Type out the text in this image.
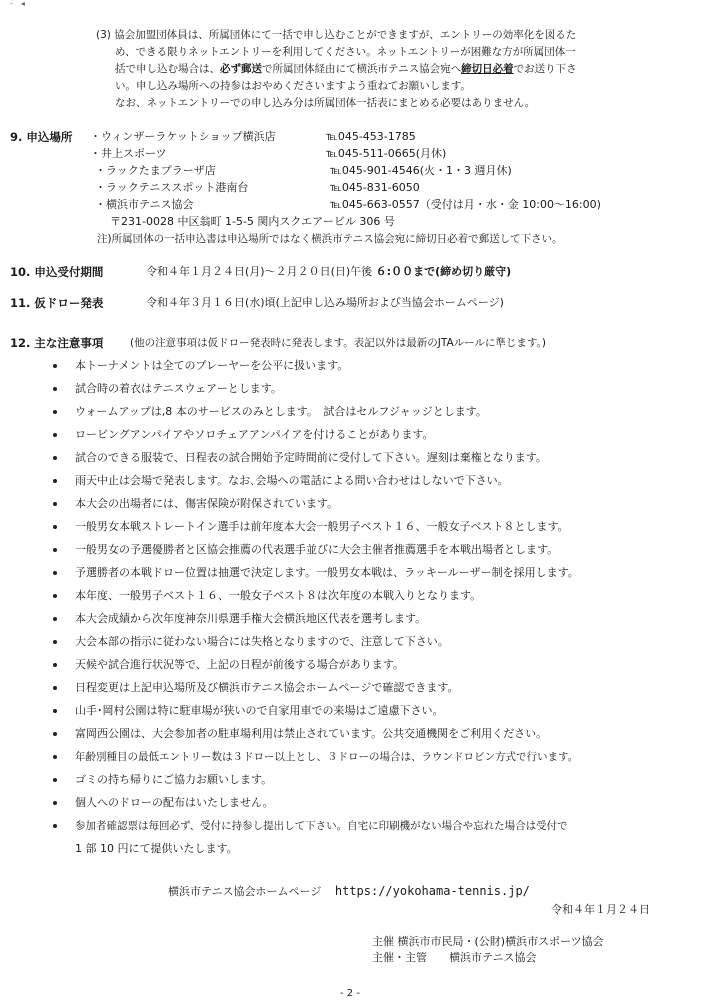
-　◂
(3) 協会加盟団体員は、所属団体にて一括で申し込むことができますが、エントリーの効率化を図るた
め、できる限りネットエントリーを利用してください。ネットエントリーが困難な方が所属団体一
括で申し込む場合は、必ず郵送で所属団体経由にて横浜市テニス協会宛へ締切日必着でお送り下さ
い。申し込み場所への持参はおやめくださいますよう重ねてお願いします。
なお、ネットエントリーでの申し込み分は所属団体一括表にまとめる必要はありません。
9. 申込場所 ・ウィンザーラケットショップ横浜店	℡045-453-1785
・井上スポーツ	℡045-511-0665(月休)
・ラックたまプラーザ店	℡045-901-4546(火・1・3 週月休)
・ラックテニススポット港南台	℡045-831-6050
・横浜市テニス協会	℡045-663-0557（受付は月・水・金 10:00～16:00)
〒231-0028 中区翁町 1-5-5 関内スクエアービル 306 号
注)所属団体の一括申込書は申込場所ではなく横浜市テニス協会宛に締切日必着で郵送して下さい。
10. 申込受付期間	令和４年１月２４日(月)～２月２０日(日)午後 ６:００まで(締め切り厳守)
11. 仮ドロー発表	令和４年３月１６日(水)頃(上記申し込み場所および当協会ホームページ)
12. 主な注意事項	(他の注意事項は仮ドロー発表時に発表します。表記以外は最新のJTAルールに準じます。)
本トーナメントは全てのプレーヤーを公平に扱います。
試合時の着衣はテニスウェアーとします。
ウォームアップは,8 本のサービスのみとします。　試合はセルフジャッジとします。
ロービングアンパイアやソロチェアアンパイアを付けることがあります。
試合のできる服装で、日程表の試合開始予定時間前に受付して下さい。遅刻は棄権となります。
雨天中止は会場で発表します。なお､会場への電話による問い合わせはしないで下さい。
本大会の出場者には、傷害保険が附保されています。
一般男女本戦ストレートイン選手は前年度本大会一般男子ベスト１６、一般女子ベスト８とします。
一般男女の予選優勝者と区協会推薦の代表選手並びに大会主催者推薦選手を本戦出場者とします。
予選勝者の本戦ドロー位置は抽選で決定します。一般男女本戦は、ラッキールーザー制を採用します。
本年度、一般男子ベスト１６、一般女子ベスト８は次年度の本戦入りとなります。
本大会成績から次年度神奈川県選手権大会横浜地区代表を選考します。
大会本部の指示に従わない場合には失格となりますので、注意して下さい。
天候や試合進行状況等で、上記の日程が前後する場合があります。
日程変更は上記申込場所及び横浜市テニス協会ホームページで確認できます。
山手･岡村公園は特に駐車場が狭いので自家用車での来場はご遠慮下さい。
富岡西公園は、大会参加者の駐車場利用は禁止されています。公共交通機関をご利用ください。
年齢別種目の最低エントリー数は３ドロー以上とし、３ドローの場合は、ラウンドロビン方式で行います。
ゴミの持ち帰りにご協力お願いします。
個人へのドローの配布はいたしません。
参加者確認票は毎回必ず、受付に持参し提出して下さい。自宅に印刷機がない場合や忘れた場合は受付で
1 部 10 円にて提供いたします。
横浜市テニス協会ホームページ https://yokohama-tennis.jp/
令和４年１月２４日
主催 横浜市市民局・(公財)横浜市スポーツ協会
主催・主管　　横浜市テニス協会
- 2 -
